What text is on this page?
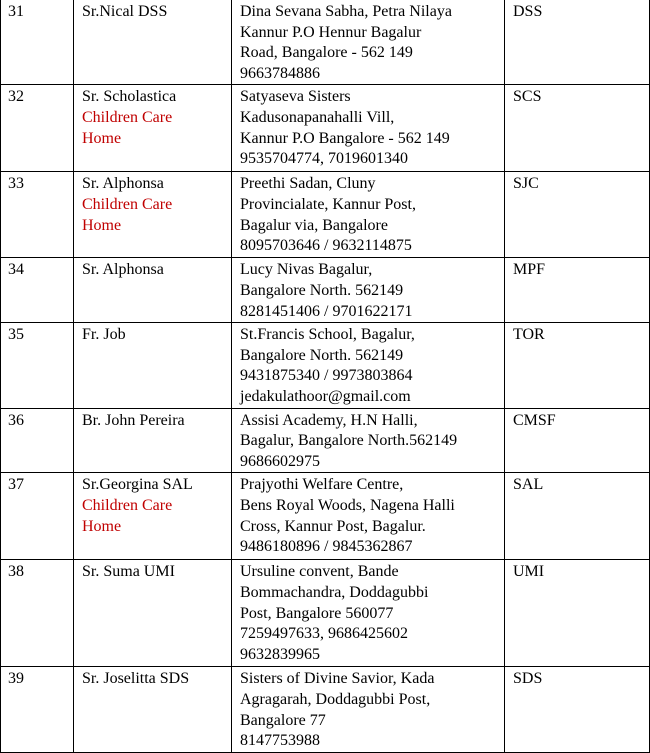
31	Sr.Nical DSS	Dina Sevana Sabha, Petra Nilaya
Kannur P.O Hennur Bagalur
Road, Bangalore - 562 149
9663784886	DSS
32	Sr. Scholastica
Children Care
Home	Satyaseva Sisters
Kadusonapanahalli Vill,
Kannur P.O Bangalore - 562 149
9535704774, 7019601340	SCS
33	Sr. Alphonsa
Children Care
Home	Preethi Sadan, Cluny
Provincialate, Kannur Post,
Bagalur via, Bangalore
8095703646 / 9632114875	SJC
34	Sr. Alphonsa	Lucy Nivas Bagalur,
Bangalore North. 562149
8281451406 / 9701622171	MPF
35	Fr. Job	St.Francis School, Bagalur,
Bangalore North. 562149
9431875340 / 9973803864
jedakulathoor@gmail.com	TOR
36	Br. John Pereira	Assisi Academy, H.N Halli,
Bagalur, Bangalore North.562149
9686602975	CMSF
37	Sr.Georgina SAL
Children Care
Home	Prajyothi Welfare Centre,
Bens Royal Woods, Nagena Halli
Cross, Kannur Post, Bagalur.
9486180896 / 9845362867	SAL
38	Sr. Suma UMI	Ursuline convent, Bande
Bommachandra, Doddagubbi
Post, Bangalore 560077
7259497633, 9686425602
9632839965	UMI
39	Sr. Joselitta SDS	Sisters of Divine Savior, Kada
Agragarah, Doddagubbi Post,
Bangalore 77
8147753988	SDS
